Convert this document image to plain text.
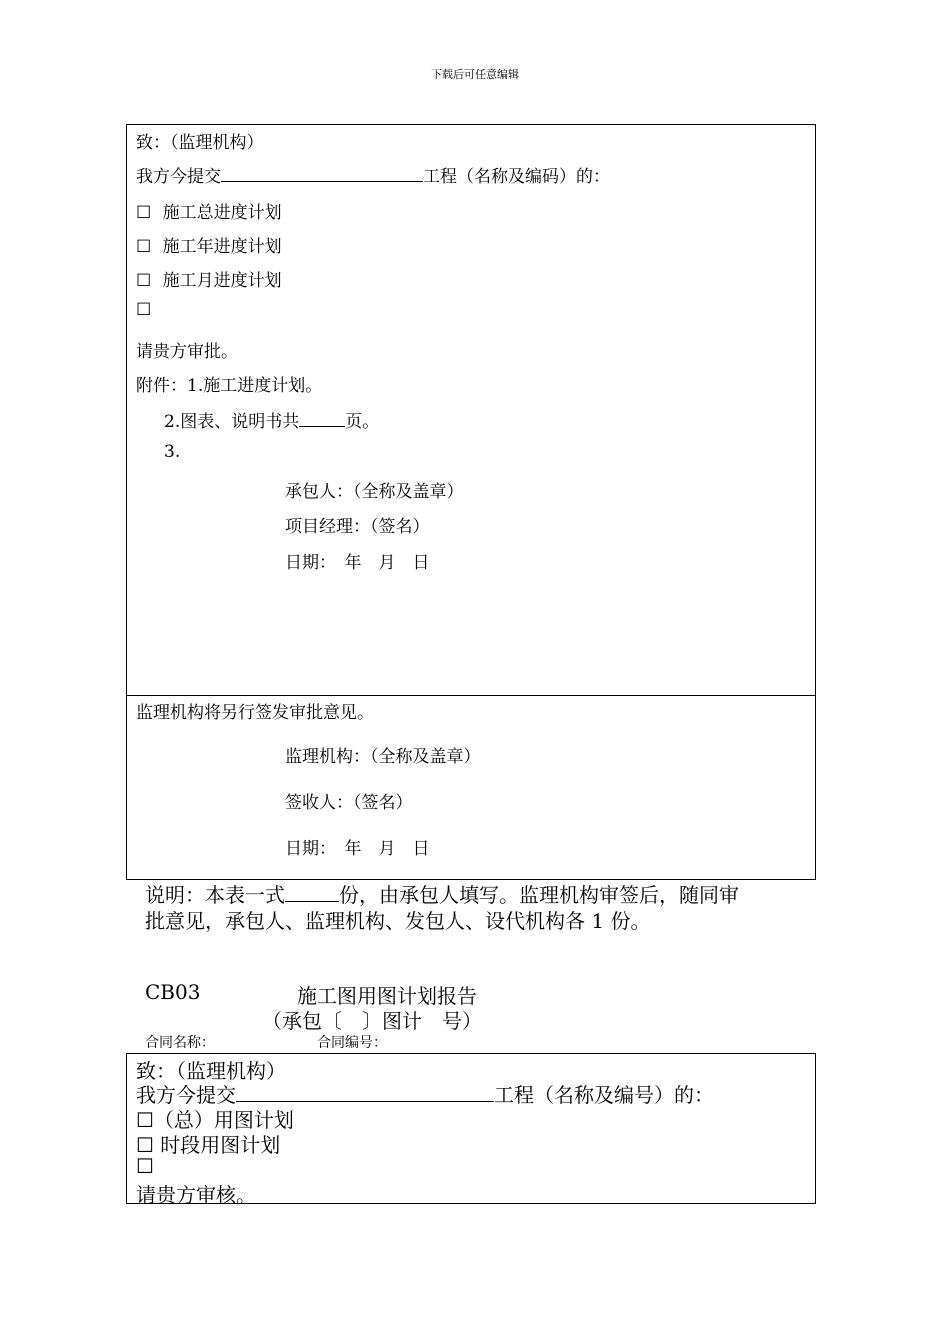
下载后可任意编辑
致：（监理机构）
我方今提交	工程（名称及编码）的：
☐ 施工总进度计划
☐ 施工年进度计划
☐ 施工月进度计划
☐
请贵方审批。
附件：1.施工进度计划。
2.图表、说明书共	页。
3.
承包人：（全称及盖章）
项目经理：（签名）
日期：　年　月　日
监理机构将另行签发审批意见。
监理机构：（全称及盖章）
签收人：（签名）
日期：　年　月　日
说明：本表一式	份，由承包人填写。监理机构审签后，随同审
批意见，承包人、监理机构、发包人、设代机构各 1 份。
CB03	施工图用图计划报告
（承包〔　〕图计　号）
合同名称：	合同编号：
致：（监理机构）
我方今提交	工程（名称及编号）的：
☐（总）用图计划
☐ 时段用图计划
☐
请贵方审核。
